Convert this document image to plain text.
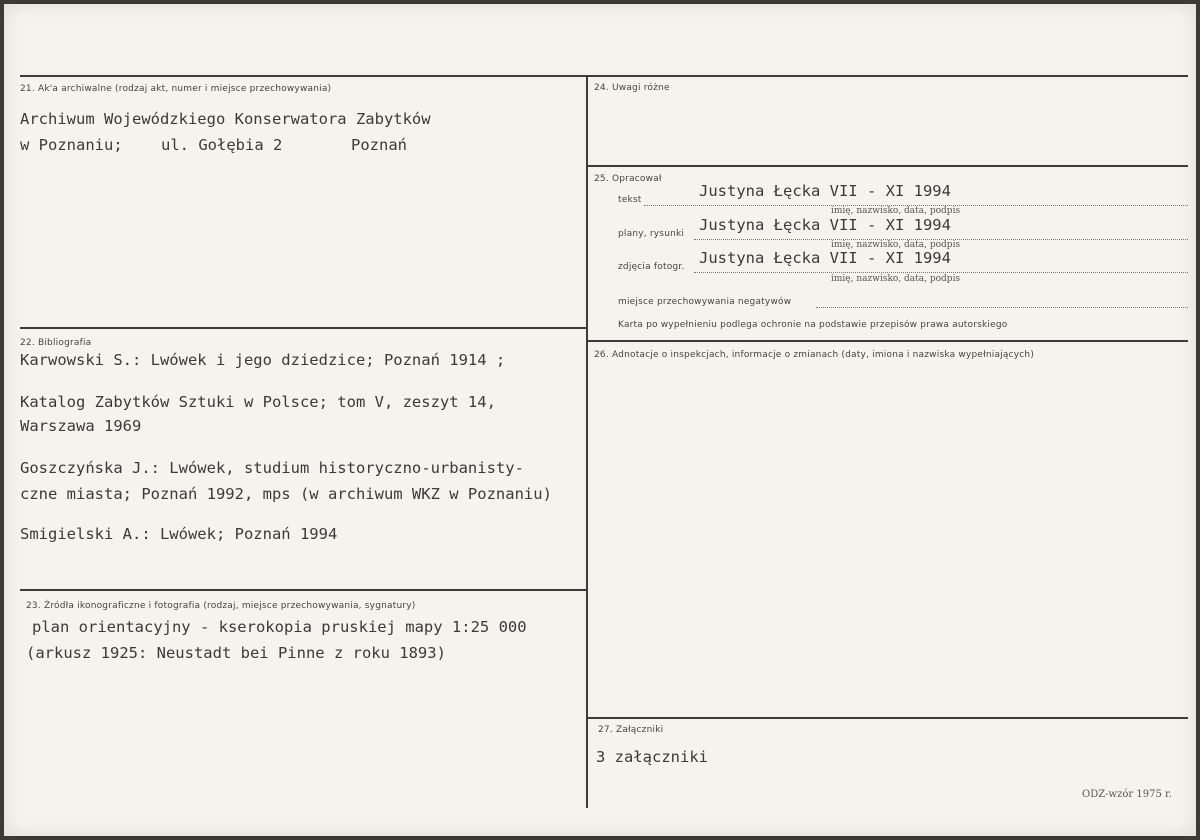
21. Ak'a archiwalne (rodzaj akt, numer i miejsce przechowywania)
Archiwum Wojewódzkiego Konserwatora Zabytków
w Poznaniu; ul. Gołębia 2	Poznań
22. Bibliografia
Karwowski S.: Lwówek i jego dziedzice; Poznań 1914 ;
Katalog Zabytków Sztuki w Polsce; tom V, zeszyt 14,
Warszawa 1969
Goszczyńska J.: Lwówek, studium historyczno-urbanisty-
czne miasta; Poznań 1992, mps (w archiwum WKZ w Poznaniu)
Smigielski A.: Lwówek; Poznań 1994
23. Źródła ikonograficzne i fotografia (rodzaj, miejsce przechowywania, sygnatury)
plan orientacyjny - kserokopia pruskiej mapy 1:25 000
(arkusz 1925: Neustadt bei Pinne z roku 1893)
24. Uwagi różne
25. Opracował
tekst	Justyna Łęcka VII - XI 1994
imię, nazwisko, data, podpis
plany, rysunki Justyna Łęcka VII - XI 1994
imię, nazwisko, data, podpis
zdjęcia fotogr. Justyna Łęcka VII - XI 1994
imię, nazwisko, data, podpis
miejsce przechowywania negatywów
Karta po wypełnieniu podlega ochronie na podstawie przepisów prawa autorskiego
26. Adnotacje o inspekcjach, informacje o zmianach (daty, imiona i nazwiska wypełniających)
27. Załączniki
3 załączniki
ODZ-wzór 1975 r.
